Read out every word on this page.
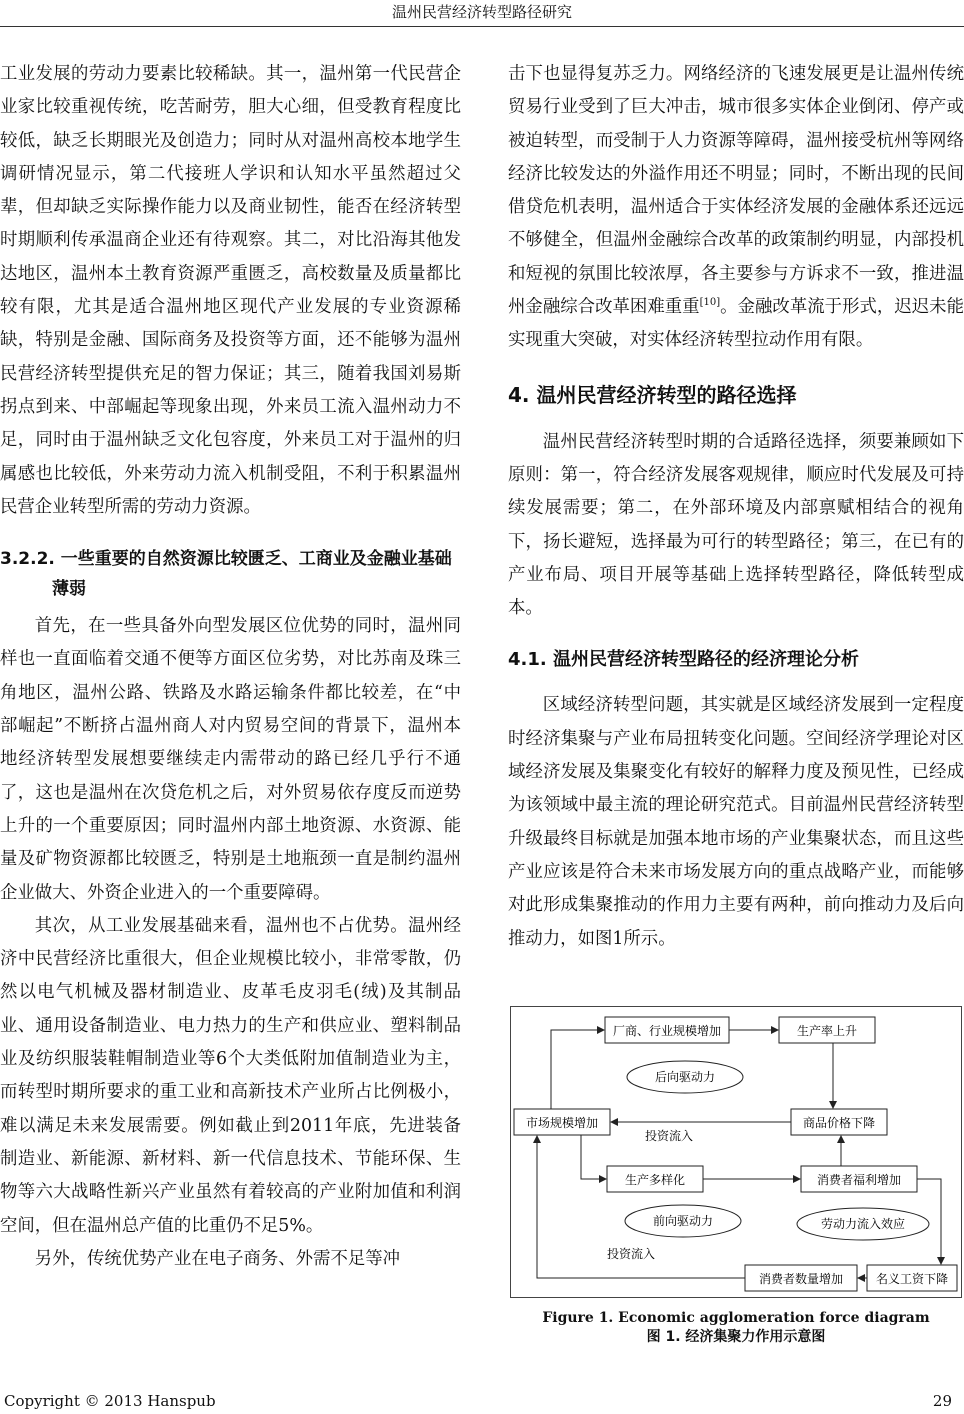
温州民营经济转型路径研究

工业发展的劳动力要素比较稀缺。其一，温州第一代民营企业家比较重视传统，吃苦耐劳，胆大心细，但受教育程度比较低，缺乏长期眼光及创造力；同时从对温州高校本地学生调研情况显示，第二代接班人学识和认知水平虽然超过父辈，但却缺乏实际操作能力以及商业韧性，能否在经济转型时期顺利传承温商企业还有待观察。其二，对比沿海其他发达地区，温州本土教育资源严重匮乏，高校数量及质量都比较有限，尤其是适合温州地区现代产业发展的专业资源稀缺，特别是金融、国际商务及投资等方面，还不能够为温州民营经济转型提供充足的智力保证；其三，随着我国刘易斯拐点到来、中部崛起等现象出现，外来员工流入温州动力不足，同时由于温州缺乏文化包容度，外来员工对于温州的归属感也比较低，外来劳动力流入机制受阻，不利于积累温州民营企业转型所需的劳动力资源。

3.2.2. 一些重要的自然资源比较匮乏、工商业及金融业基础薄弱

首先，在一些具备外向型发展区位优势的同时，温州同样也一直面临着交通不便等方面区位劣势，对比苏南及珠三角地区，温州公路、铁路及水路运输条件都比较差，在“中部崛起”不断挤占温州商人对内贸易空间的背景下，温州本地经济转型发展想要继续走内需带动的路已经几乎行不通了，这也是温州在次贷危机之后，对外贸易依存度反而逆势上升的一个重要原因；同时温州内部土地资源、水资源、能量及矿物资源都比较匮乏，特别是土地瓶颈一直是制约温州企业做大、外资企业进入的一个重要障碍。

其次，从工业发展基础来看，温州也不占优势。温州经济中民营经济比重很大，但企业规模比较小，非常零散，仍然以电气机械及器材制造业、皮革毛皮羽毛(绒)及其制品业、通用设备制造业、电力热力的生产和供应业、塑料制品业及纺织服装鞋帽制造业等6个大类低附加值制造业为主，而转型时期所要求的重工业和高新技术产业所占比例极小，难以满足未来发展需要。例如截止到2011年底，先进装备制造业、新能源、新材料、新一代信息技术、节能环保、生物等六大战略性新兴产业虽然有着较高的产业附加值和利润空间，但在温州总产值的比重仍不足5%。

另外，传统优势产业在电子商务、外需不足等冲

击下也显得复苏乏力。网络经济的飞速发展更是让温州传统贸易行业受到了巨大冲击，城市很多实体企业倒闭、停产或被迫转型，而受制于人力资源等障碍，温州接受杭州等网络经济比较发达的外溢作用还不明显；同时，不断出现的民间借贷危机表明，温州适合于实体经济发展的金融体系还远远不够健全，但温州金融综合改革的政策制约明显，内部投机和短视的氛围比较浓厚，各主要参与方诉求不一致，推进温州金融综合改革困难重重[10]。金融改革流于形式，迟迟未能实现重大突破，对实体经济转型拉动作用有限。

4. 温州民营经济转型的路径选择

温州民营经济转型时期的合适路径选择，须要兼顾如下原则：第一，符合经济发展客观规律，顺应时代发展及可持续发展需要；第二，在外部环境及内部禀赋相结合的视角下，扬长避短，选择最为可行的转型路径；第三，在已有的产业布局、项目开展等基础上选择转型路径，降低转型成本。

4.1. 温州民营经济转型路径的经济理论分析

区域经济转型问题，其实就是区域经济发展到一定程度时经济集聚与产业布局扭转变化问题。空间经济学理论对区域经济发展及集聚变化有较好的解释力度及预见性，已经成为该领域中最主流的理论研究范式。目前温州民营经济转型升级最终目标就是加强本地市场的产业集聚状态，而且这些产业应该是符合未来市场发展方向的重点战略产业，而能够对此形成集聚推动的作用力主要有两种，前向推动力及后向推动力，如图1所示。

厂商、行业规模增加	生产率上升
市场规模增加	商品价格下降
生产多样化	消费者福利增加
消费者数量增加	名义工资下降
后向驱动力
前向驱动力	劳动力流入效应
投资流入
投资流入
Figure 1. Economic agglomeration force diagram
图 1. 经济集聚力作用示意图
Copyright © 2013 Hanspub	29
